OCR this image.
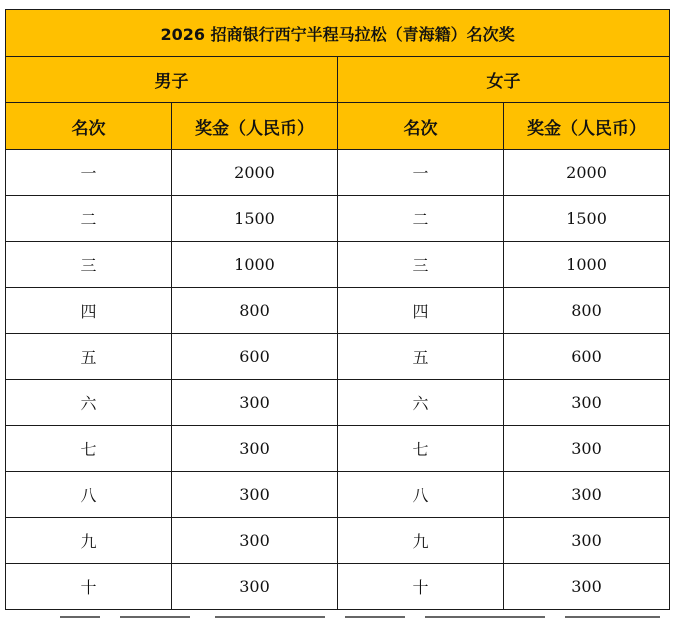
2026 招商银行西宁半程马拉松（青海籍）名次奖			
男子		女子	
名次	奖金（人民币）	名次	奖金（人民币）
一	2000	一	2000
二	1500	二	1500
三	1000	三	1000
四	800	四	800
五	600	五	600
六	300	六	300
七	300	七	300
八	300	八	300
九	300	九	300
十	300	十	300
